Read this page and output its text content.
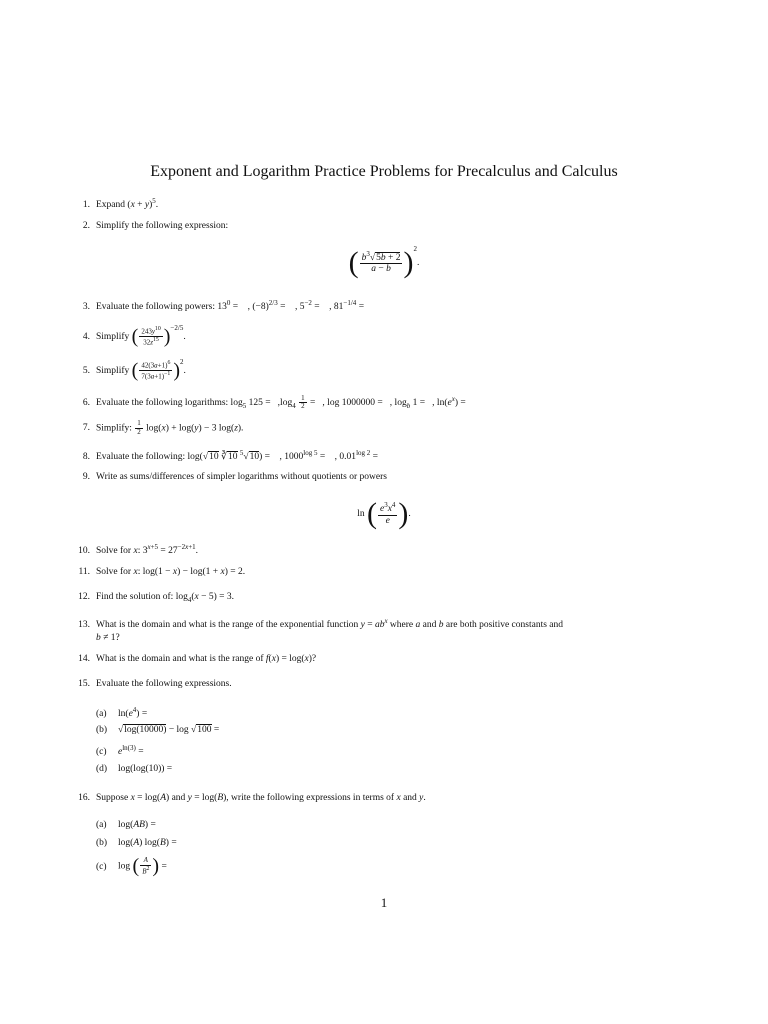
Exponent and Logarithm Practice Problems for Precalculus and Calculus
1. Expand $(x + y)^5$.
2. Simplify the following expression:
( $\frac{b^3√5b + 2}{a - b} )^2$.
3. Evaluate the following powers: $13^0$ =    , $(-8)^{2/3}$ =    , $5^{-2}$ =    , $81^{-1/4}$ =
4. Simplify ( $\frac{243y^{10}}{32z^{15}} )^{-2/5}$.
5. Simplify ( $\frac{42(3a+1)^6}{7(3a+1)^{-1}} )^2$.
6. Evaluate the following logarithms: $\log_5 125 = ,\log_4 \frac{1}{2}$ =   , log 1000000 =   , $\log_b 1$ =   , $\ln(e^x)$ =
7. Simplify: $\frac{1}{2} \log(x) + \log(y) - 3$ log(z).
8. Evaluate the following: log(√10 ∛10 $^5$√10) =    , $1000^{log 5}$ =    , $0.01^{log 2}$ =
9. Write as sums/differences of simpler logarithms without quotients or powers
ln ( $\frac{e^3x^4}{e}$ ).
10. Solve for x: $3^{x+5} = 27^{-2x+1}$.
11. Solve for x: log(1 − x) − log(1 + x) = 2.
12. Find the solution of: $\log_4(x - 5) = 3$.
13. What is the domain and what is the range of the exponential function $y = ab^x$ where a and b are both positive constants and
b ≠ 1?
14. What is the domain and what is the range of f(x) = log(x)?
15. Evaluate the following expressions.
(a) $\ln(e^4)$ =
(b) √log(10000) − log √100 =
(c) $e^{ln(3)}$ =
(d) log(log(10)) =
16. Suppose x = log(A) and y = log(B), write the following expressions in terms of x and y.
(a) log(AB) =
(b) log(A) log(B) =
(c) log ( $\frac{A}{B^2}$ ) =
1
